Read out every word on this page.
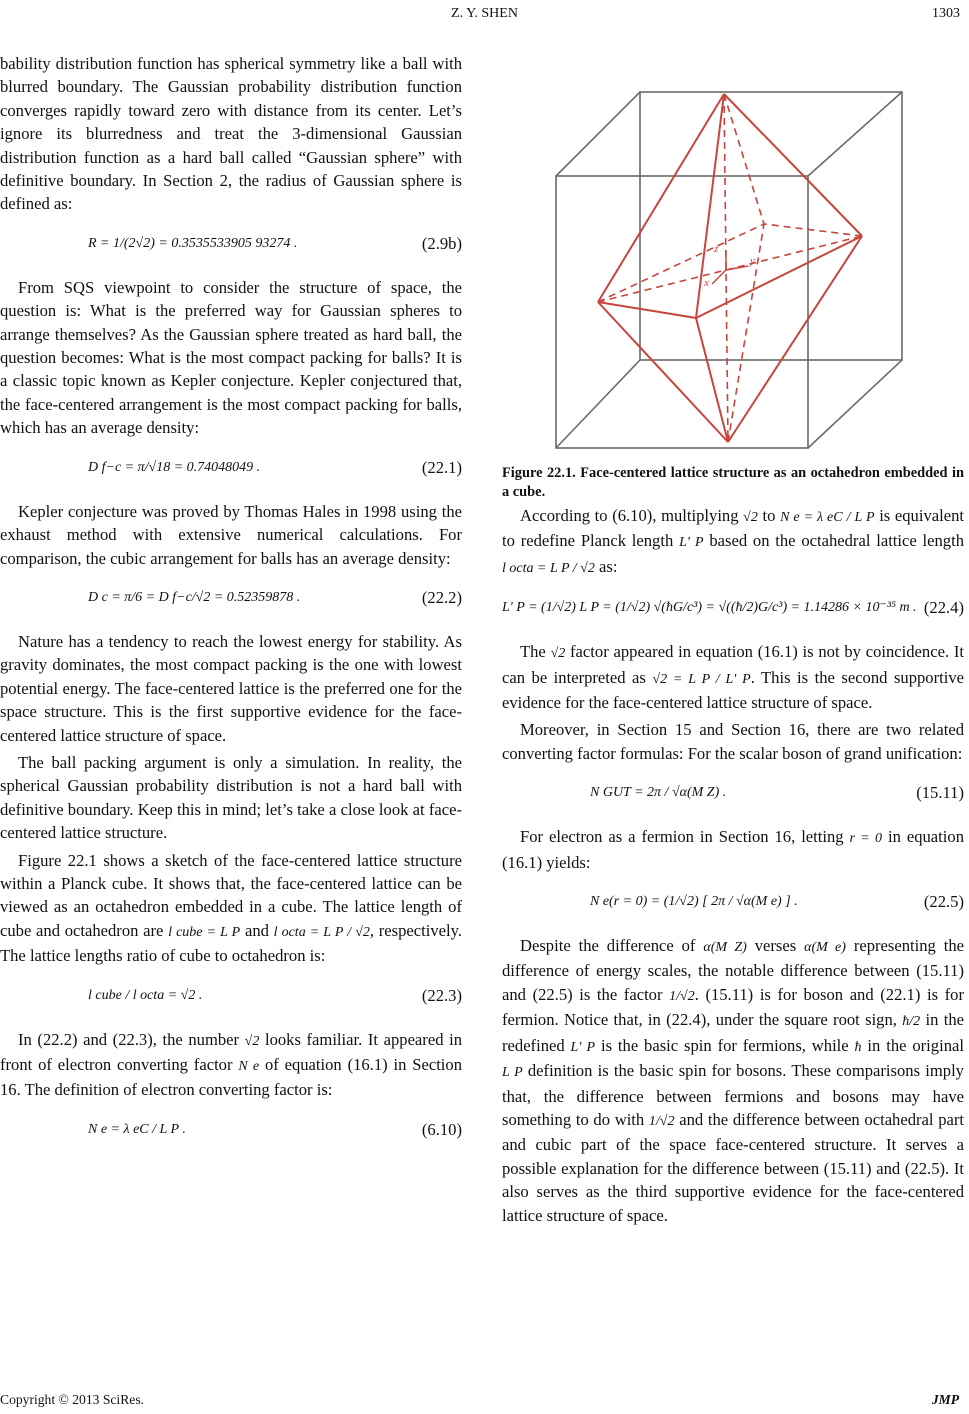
Z. Y. SHEN	1303

bability distribution function has spherical symmetry like a ball with blurred boundary. The Gaussian probability distribution function converges rapidly toward zero with distance from its center. Let’s ignore its blurredness and treat the 3-dimensional Gaussian distribution function as a hard ball called “Gaussian sphere” with definitive boundary. In Section 2, the radius of Gaussian sphere is defined as:

R = 1/(2√2) = 0.3535533905 93274 .	(2.9b)

From SQS viewpoint to consider the structure of space, the question is: What is the preferred way for Gaussian spheres to arrange themselves? As the Gaussian sphere treated as hard ball, the question becomes: What is the most compact packing for balls? It is a classic topic known as Kepler conjecture. Kepler conjectured that, the face-centered arrangement is the most compact packing for balls, which has an average density:

D f−c = π/√18 = 0.74048049 .	(22.1)

Kepler conjecture was proved by Thomas Hales in 1998 using the exhaust method with extensive numerical calculations. For comparison, the cubic arrangement for balls has an average density:

D c = π/6 = D f−c/√2 = 0.52359878 .	(22.2)

Nature has a tendency to reach the lowest energy for stability. As gravity dominates, the most compact packing is the one with lowest potential energy. The face-centered lattice is the preferred one for the space structure. This is the first supportive evidence for the face-centered lattice structure of space.

The ball packing argument is only a simulation. In reality, the spherical Gaussian probability distribution is not a hard ball with definitive boundary. Keep this in mind; let’s take a close look at face-centered lattice structure.

Figure 22.1 shows a sketch of the face-centered lattice structure within a Planck cube. It shows that, the face-centered lattice can be viewed as an octahedron embedded in a cube. The lattice length of cube and octahedron are l cube = L P and l octa = L P / √2, respectively. The lattice lengths ratio of cube to octahedron is:

l cube / l octa = √2 .	(22.3)

In (22.2) and (22.3), the number √2 looks familiar. It appeared in front of electron converting factor N e of equation (16.1) in Section 16. The definition of electron converting factor is:

N e = λ eC / L P .	(6.10)
z
y
x
Figure 22.1. Face-centered lattice structure as an octahedron embedded in a cube.

According to (6.10), multiplying √2 to N e = λ eC / L P is equivalent to redefine Planck length L' P based on the octahedral lattice length l octa = L P / √2 as:

L' P = (1/√2) L P = (1/√2) √(ħG/c³) = √((ħ/2)G/c³) = 1.14286 × 10⁻³⁵ m . (22.4)

The √2 factor appeared in equation (16.1) is not by coincidence. It can be interpreted as √2 = L P / L' P. This is the second supportive evidence for the face-centered lattice structure of space.

Moreover, in Section 15 and Section 16, there are two related converting factor formulas: For the scalar boson of grand unification:

N GUT = 2π / √α(M Z) .	(15.11)

For electron as a fermion in Section 16, letting r = 0 in equation (16.1) yields:

N e(r = 0) = (1/√2) [ 2π / √α(M e) ] .	(22.5)

Despite the difference of α(M Z) verses α(M e) representing the difference of energy scales, the notable difference between (15.11) and (22.5) is the factor 1/√2. (15.11) is for boson and (22.1) is for fermion. Notice that, in (22.4), under the square root sign, ħ/2 in the redefined L' P is the basic spin for fermions, while ħ in the original L P definition is the basic spin for bosons. These comparisons imply that, the difference between fermions and bosons may have something to do with 1/√2 and the difference between octahedral part and cubic part of the space face-centered structure. It serves a possible explanation for the difference between (15.11) and (22.5). It also serves as the third supportive evidence for the face-centered lattice structure of space.

Copyright © 2013 SciRes.	JMP
